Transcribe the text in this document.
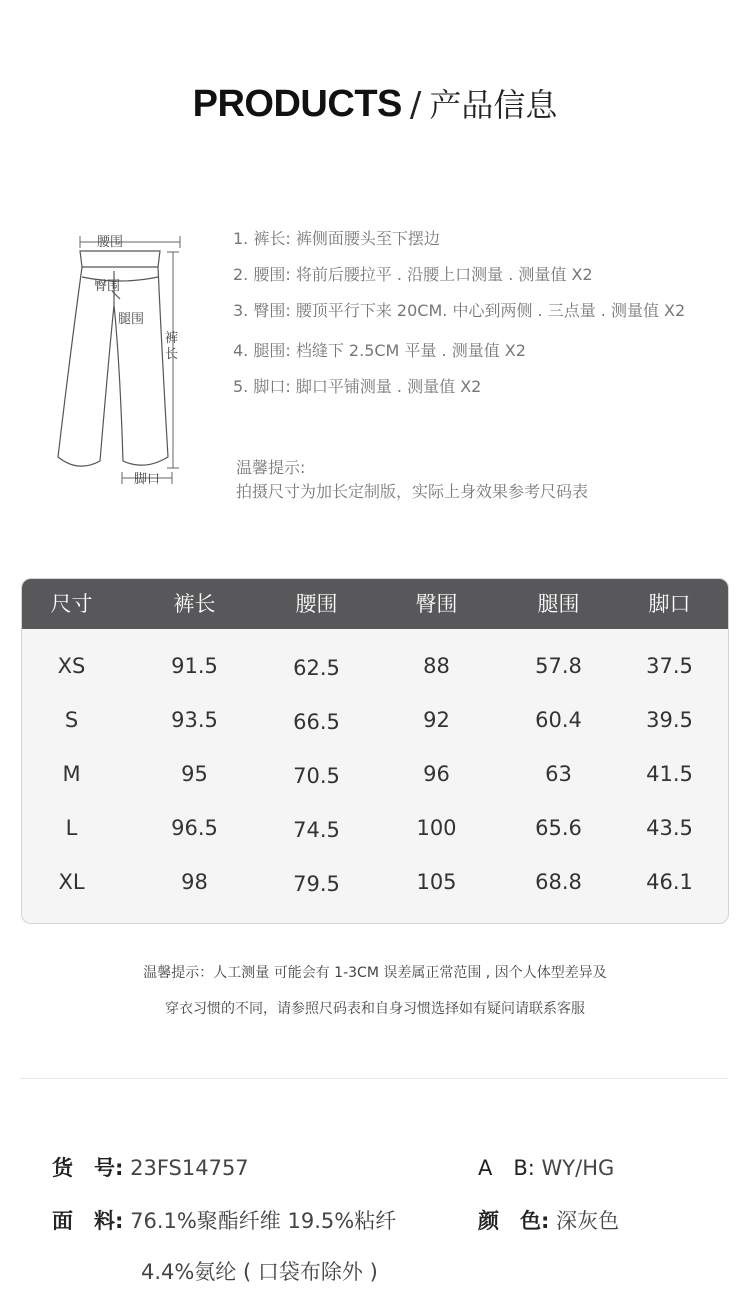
PRODUCTS / 产品信息
腰围
臀围
腿围
裤
长
脚口
1. 裤长: 裤侧面腰头至下摆边
2. 腰围: 将前后腰拉平 . 沿腰上口测量 . 测量值 X2
3. 臀围: 腰顶平行下来 20CM. 中心到两侧 . 三点量 . 测量值 X2
4. 腿围: 档缝下 2.5CM 平量 . 测量值 X2
5. 脚口: 脚口平铺测量 . 测量值 X2
温馨提示:
拍摄尺寸为加长定制版，实际上身效果参考尺码表
尺寸	裤长	腰围	臀围	腿围	脚口
XS	91.5	62.5	88	57.8	37.5
S	93.5	66.5	92	60.4	39.5
M	95	70.5	96	63	41.5
L	96.5	74.5	100	65.6	43.5
XL	98	79.5	105	68.8	46.1
温馨提示：人工测量 可能会有 1-3CM 误差属正常范围 , 因个人体型差异及
穿衣习惯的不同，请参照尺码表和自身习惯选择如有疑问请联系客服
货　号: 23FS14757	A　B: WY/HG
面　料: 76.1%聚酯纤维 19.5%粘纤
4.4%氨纶 ( 口袋布除外 )
颜　色: 深灰色
